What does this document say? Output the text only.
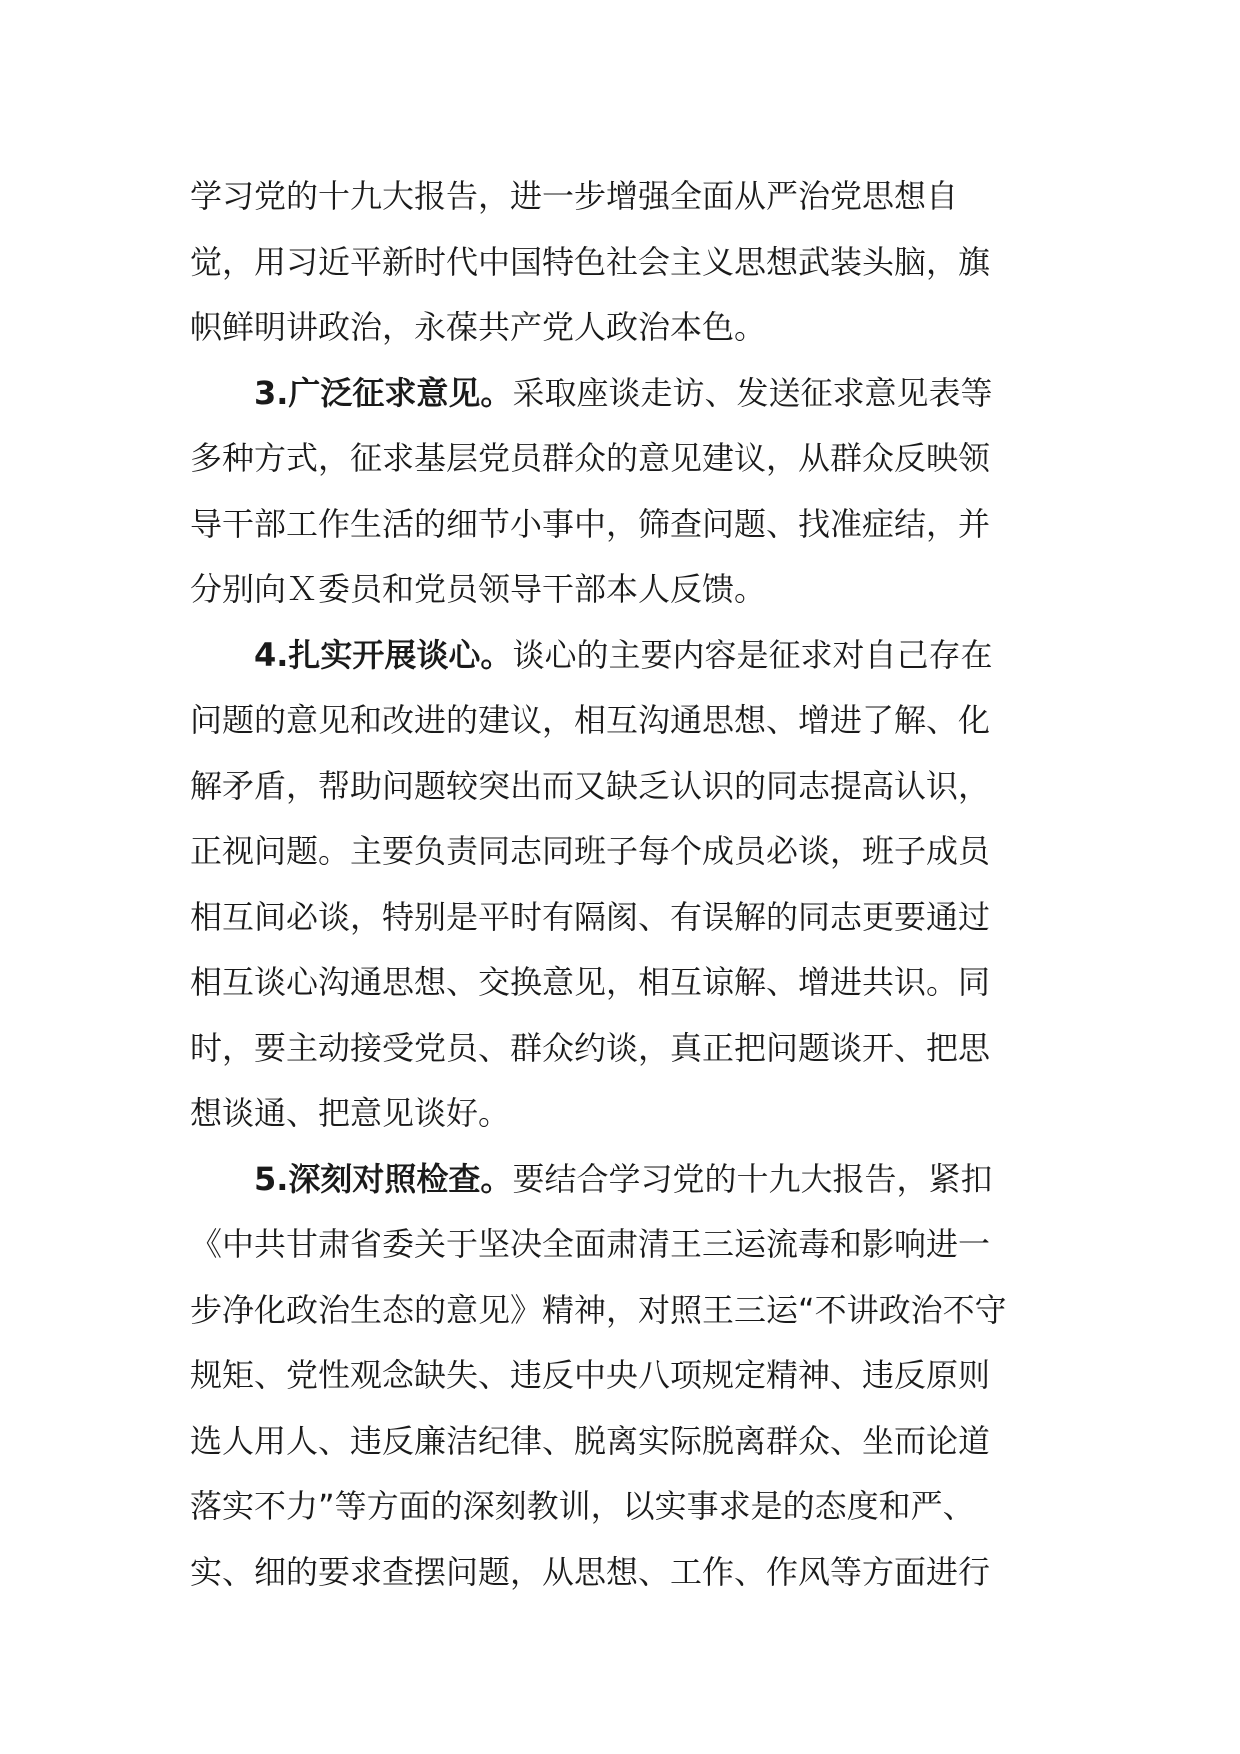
学习党的十九大报告，进一步增强全面从严治党思想自
觉，用习近平新时代中国特色社会主义思想武装头脑，旗
帜鲜明讲政治，永葆共产党人政治本色。
3.广泛征求意见。采取座谈走访、发送征求意见表等
多种方式，征求基层党员群众的意见建议，从群众反映领
导干部工作生活的细节小事中，筛查问题、找准症结，并
分别向Ｘ委员和党员领导干部本人反馈。
4.扎实开展谈心。谈心的主要内容是征求对自己存在
问题的意见和改进的建议，相互沟通思想、增进了解、化
解矛盾，帮助问题较突出而又缺乏认识的同志提高认识，
正视问题。主要负责同志同班子每个成员必谈，班子成员
相互间必谈，特别是平时有隔阂、有误解的同志更要通过
相互谈心沟通思想、交换意见，相互谅解、增进共识。同
时，要主动接受党员、群众约谈，真正把问题谈开、把思
想谈通、把意见谈好。
5.深刻对照检查。要结合学习党的十九大报告，紧扣
《中共甘肃省委关于坚决全面肃清王三运流毒和影响进一
步净化政治生态的意见》精神，对照王三运“不讲政治不守
规矩、党性观念缺失、违反中央八项规定精神、违反原则
选人用人、违反廉洁纪律、脱离实际脱离群众、坐而论道
落实不力”等方面的深刻教训，以实事求是的态度和严、
实、细的要求查摆问题，从思想、工作、作风等方面进行
